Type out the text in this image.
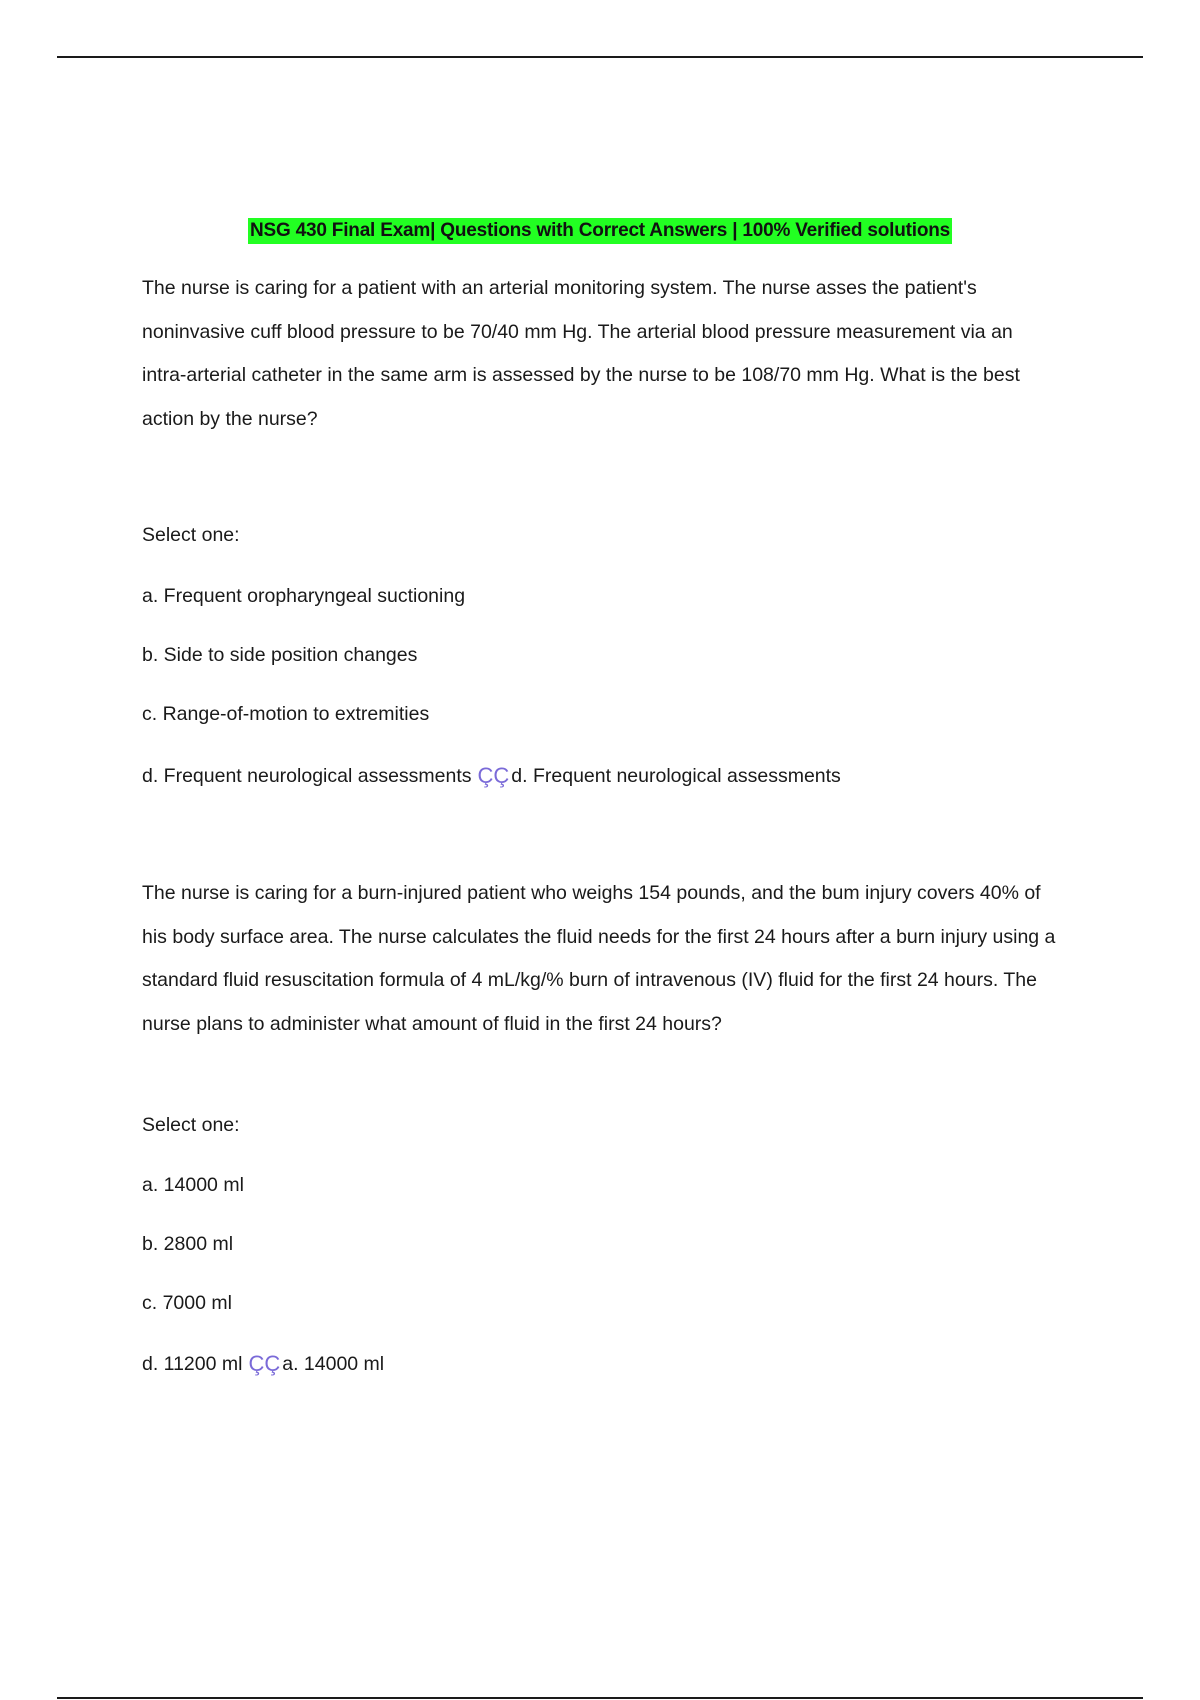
NSG 430 Final Exam| Questions with Correct Answers | 100% Verified solutions

The nurse is caring for a patient with an arterial monitoring system. The nurse asses the patient's noninvasive cuff blood pressure to be 70/40 mm Hg. The arterial blood pressure measurement via an intra-arterial catheter in the same arm is assessed by the nurse to be 108/70 mm Hg. What is the best action by the nurse?

Select one:
a. Frequent oropharyngeal suctioning
b. Side to side position changes
c. Range-of-motion to extremities
d. Frequent neurological assessments ÇÇ d. Frequent neurological assessments

The nurse is caring for a burn-injured patient who weighs 154 pounds, and the bum injury covers 40% of his body surface area. The nurse calculates the fluid needs for the first 24 hours after a burn injury using a standard fluid resuscitation formula of 4 mL/kg/% burn of intravenous (IV) fluid for the first 24 hours. The nurse plans to administer what amount of fluid in the first 24 hours?

Select one:
a. 14000 ml
b. 2800 ml
c. 7000 ml
d. 11200 ml ÇÇ a. 14000 ml
